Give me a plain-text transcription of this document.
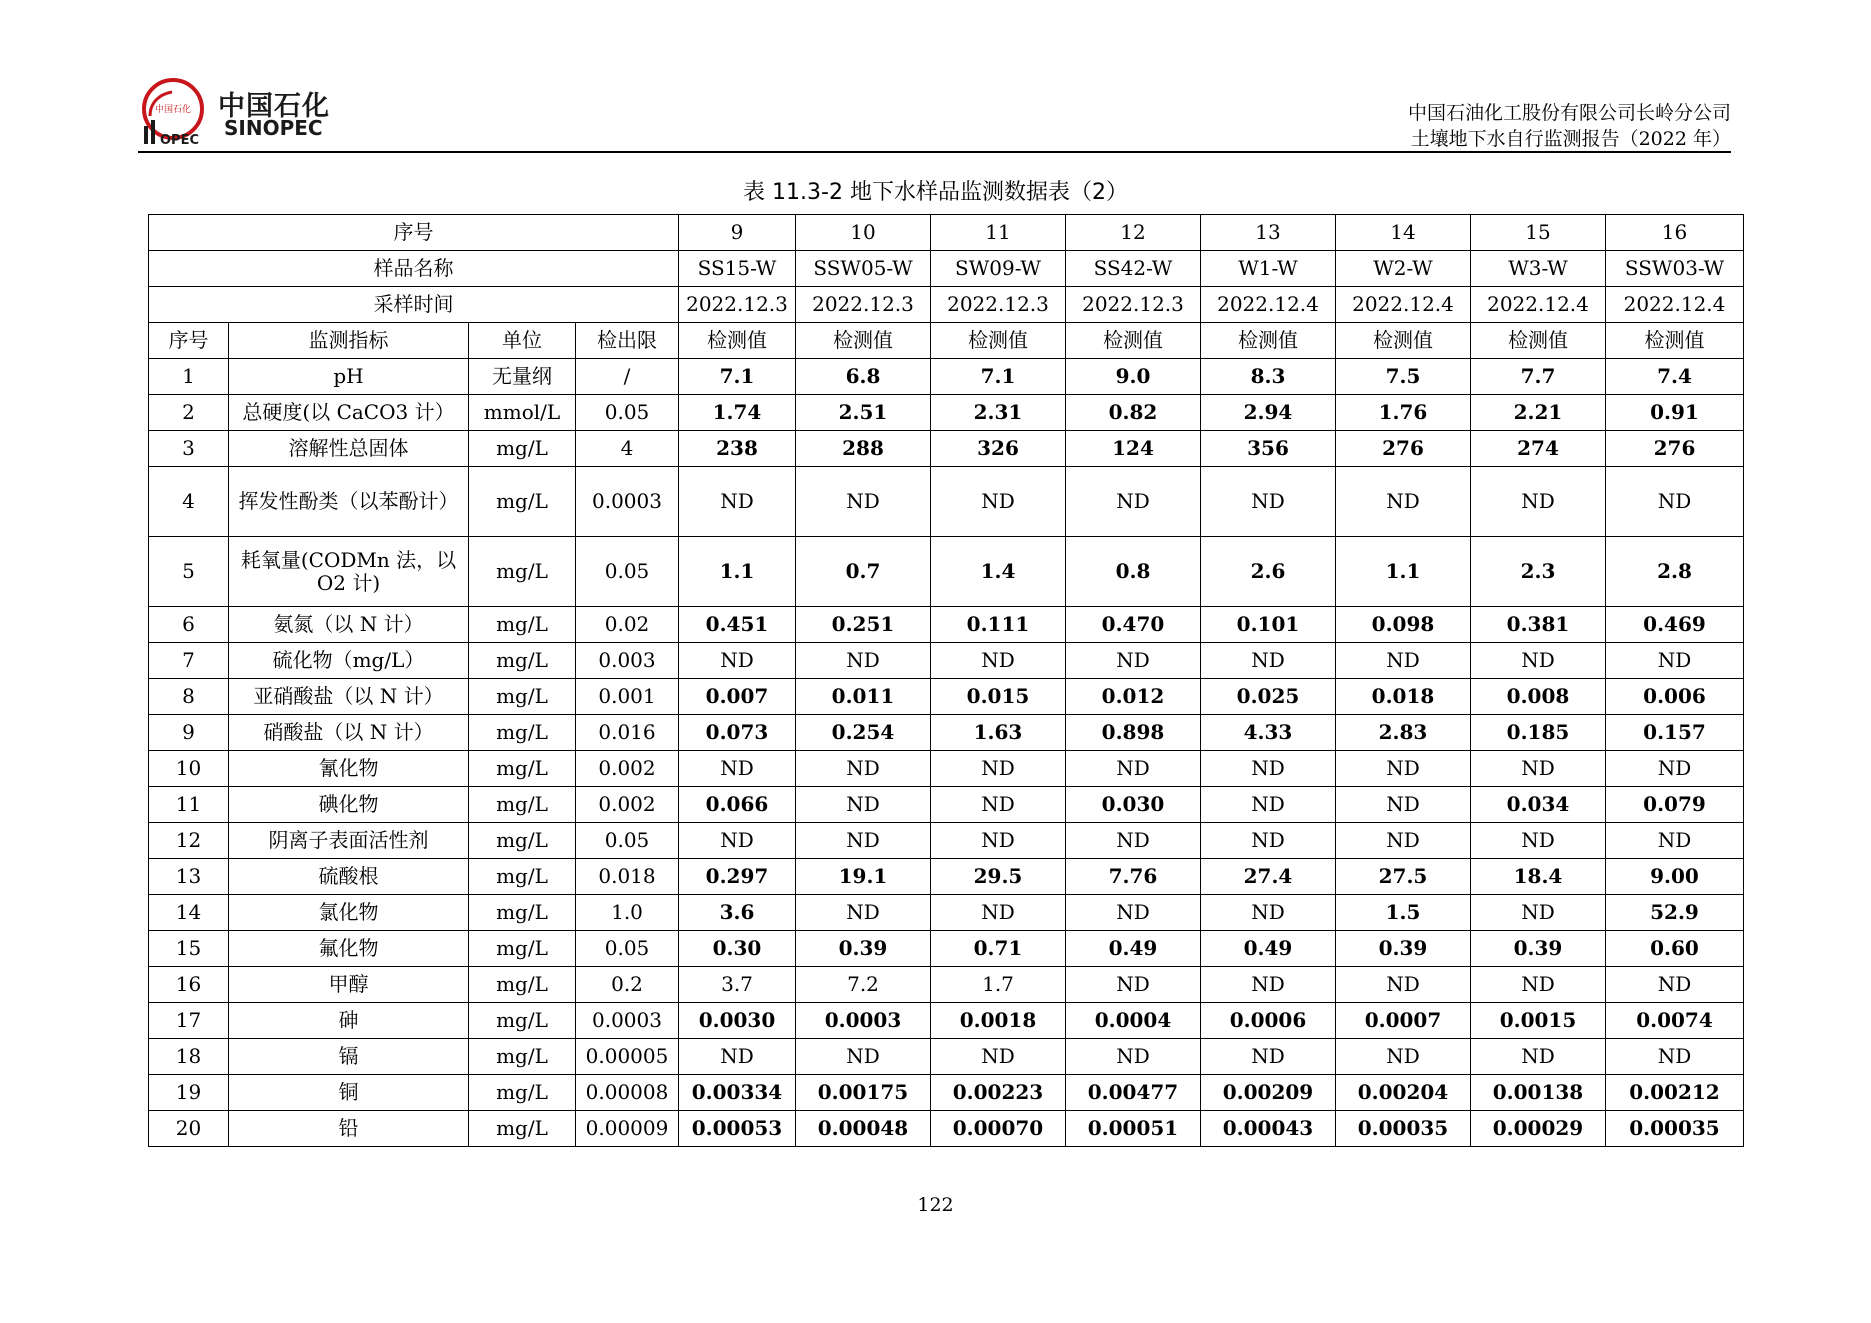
中国石化
OPEC
中国石化
SINOPEC
中国石油化工股份有限公司长岭分公司
土壤地下水自行监测报告（2022 年）
表 11.3-2 地下水样品监测数据表（2）
序号				9	10	11	12	13	14	15	16
样品名称				SS15-W	SSW05-W	SW09-W	SS42-W	W1-W	W2-W	W3-W	SSW03-W
采样时间				2022.12.3	2022.12.3	2022.12.3	2022.12.3	2022.12.4	2022.12.4	2022.12.4	2022.12.4
序号	监测指标	单位	检出限	检测值	检测值	检测值	检测值	检测值	检测值	检测值	检测值
1	pH	无量纲	/	7.1	6.8	7.1	9.0	8.3	7.5	7.7	7.4
2	总硬度(以 CaCO3 计）	mmol/L	0.05	1.74	2.51	2.31	0.82	2.94	1.76	2.21	0.91
3	溶解性总固体	mg/L	4	238	288	326	124	356	276	274	276
4	挥发性酚类（以苯酚计）	mg/L	0.0003	ND	ND	ND	ND	ND	ND	ND	ND
5	耗氧量(CODMn 法，以 O2 计)	mg/L	0.05	1.1	0.7	1.4	0.8	2.6	1.1	2.3	2.8
6	氨氮（以 N 计）	mg/L	0.02	0.451	0.251	0.111	0.470	0.101	0.098	0.381	0.469
7	硫化物（mg/L）	mg/L	0.003	ND	ND	ND	ND	ND	ND	ND	ND
8	亚硝酸盐（以 N 计）	mg/L	0.001	0.007	0.011	0.015	0.012	0.025	0.018	0.008	0.006
9	硝酸盐（以 N 计）	mg/L	0.016	0.073	0.254	1.63	0.898	4.33	2.83	0.185	0.157
10	氰化物	mg/L	0.002	ND	ND	ND	ND	ND	ND	ND	ND
11	碘化物	mg/L	0.002	0.066	ND	ND	0.030	ND	ND	0.034	0.079
12	阴离子表面活性剂	mg/L	0.05	ND	ND	ND	ND	ND	ND	ND	ND
13	硫酸根	mg/L	0.018	0.297	19.1	29.5	7.76	27.4	27.5	18.4	9.00
14	氯化物	mg/L	1.0	3.6	ND	ND	ND	ND	1.5	ND	52.9
15	氟化物	mg/L	0.05	0.30	0.39	0.71	0.49	0.49	0.39	0.39	0.60
16	甲醇	mg/L	0.2	3.7	7.2	1.7	ND	ND	ND	ND	ND
17	砷	mg/L	0.0003	0.0030	0.0003	0.0018	0.0004	0.0006	0.0007	0.0015	0.0074
18	镉	mg/L	0.00005	ND	ND	ND	ND	ND	ND	ND	ND
19	铜	mg/L	0.00008	0.00334	0.00175	0.00223	0.00477	0.00209	0.00204	0.00138	0.00212
20	铅	mg/L	0.00009	0.00053	0.00048	0.00070	0.00051	0.00043	0.00035	0.00029	0.00035
122
